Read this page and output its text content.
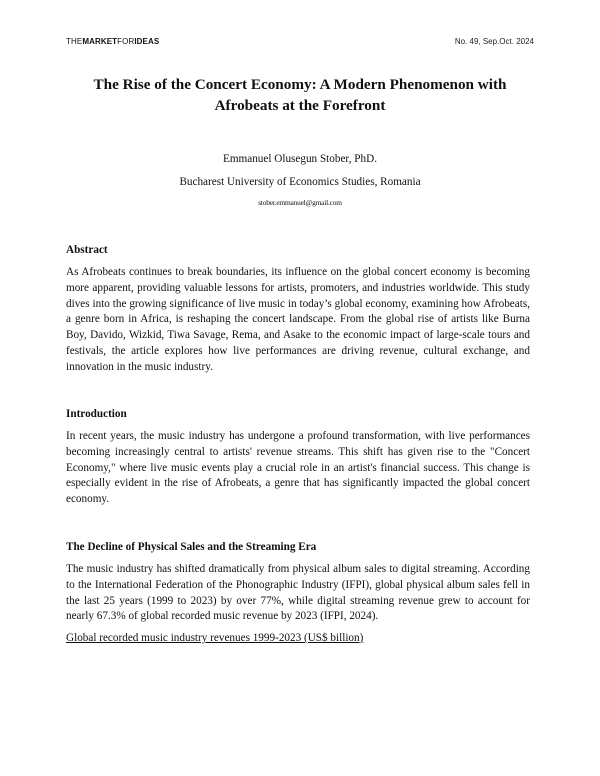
THEMARKETFORIDEAS	No. 49, Sep.Oct. 2024
The Rise of the Concert Economy: A Modern Phenomenon with Afrobeats at the Forefront
Emmanuel Olusegun Stober, PhD.
Bucharest University of Economics Studies, Romania
stober.emmanuel@gmail.com
Abstract

As Afrobeats continues to break boundaries, its influence on the global concert economy is becoming more apparent, providing valuable lessons for artists, promoters, and industries worldwide. This study dives into the growing significance of live music in today’s global economy, examining how Afrobeats, a genre born in Africa, is reshaping the concert landscape. From the global rise of artists like Burna Boy, Davido, Wizkid, Tiwa Savage, Rema, and Asake to the economic impact of large-scale tours and festivals, the article explores how live performances are driving revenue, cultural exchange, and innovation in the music industry.

Introduction

In recent years, the music industry has undergone a profound transformation, with live performances becoming increasingly central to artists' revenue streams. This shift has given rise to the "Concert Economy," where live music events play a crucial role in an artist's financial success. This change is especially evident in the rise of Afrobeats, a genre that has significantly impacted the global concert economy.

The Decline of Physical Sales and the Streaming Era

The music industry has shifted dramatically from physical album sales to digital streaming. According to the International Federation of the Phonographic Industry (IFPI), global physical album sales fell in the last 25 years (1999 to 2023) by over 77%, while digital streaming revenue grew to account for nearly 67.3% of global recorded music revenue by 2023 (IFPI, 2024).

Global recorded music industry revenues 1999-2023 (US$ billion)
